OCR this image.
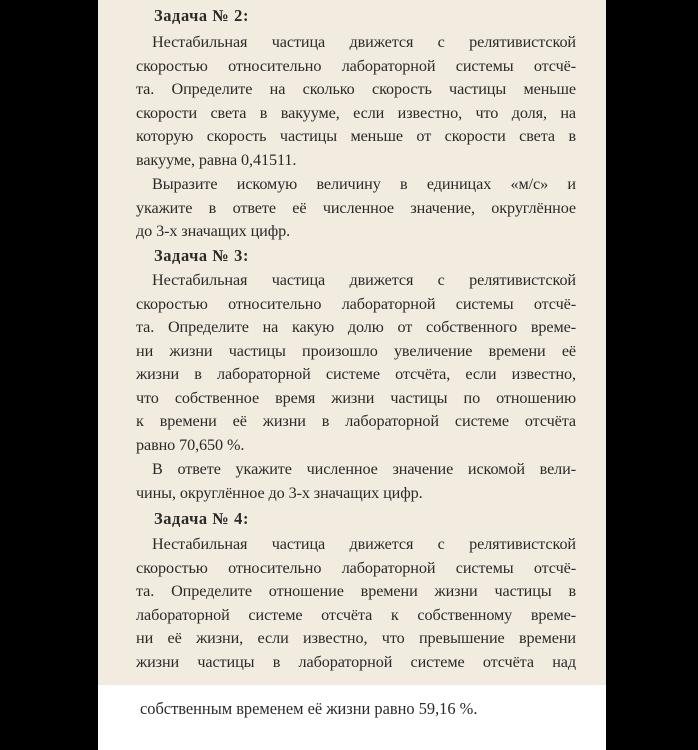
Задача № 2:
Нестабильная частица движется с релятивистской
скоростью относительно лабораторной системы отсчё-
та. Определите на сколько скорость частицы меньше
скорости света в вакууме, если известно, что доля, на
которую скорость частицы меньше от скорости света в
вакууме, равна 0,41511.
Выразите искомую величину в единицах «м/с» и
укажите в ответе её численное значение, округлённое
до 3-х значащих цифр.
Задача № 3:
Нестабильная частица движется с релятивистской
скоростью относительно лабораторной системы отсчё-
та. Определите на какую долю от собственного време-
ни жизни частицы произошло увеличение времени её
жизни в лабораторной системе отсчёта, если известно,
что собственное время жизни частицы по отношению
к времени её жизни в лабораторной системе отсчёта
равно 70,650 %.
В ответе укажите численное значение искомой вели-
чины, округлённое до 3-х значащих цифр.
Задача № 4:
Нестабильная частица движется с релятивистской
скоростью относительно лабораторной системы отсчё-
та. Определите отношение времени жизни частицы в
лабораторной системе отсчёта к собственному време-
ни её жизни, если известно, что превышение времени
жизни частицы в лабораторной системе отсчёта над
собственным временем её жизни равно 59,16 %.
